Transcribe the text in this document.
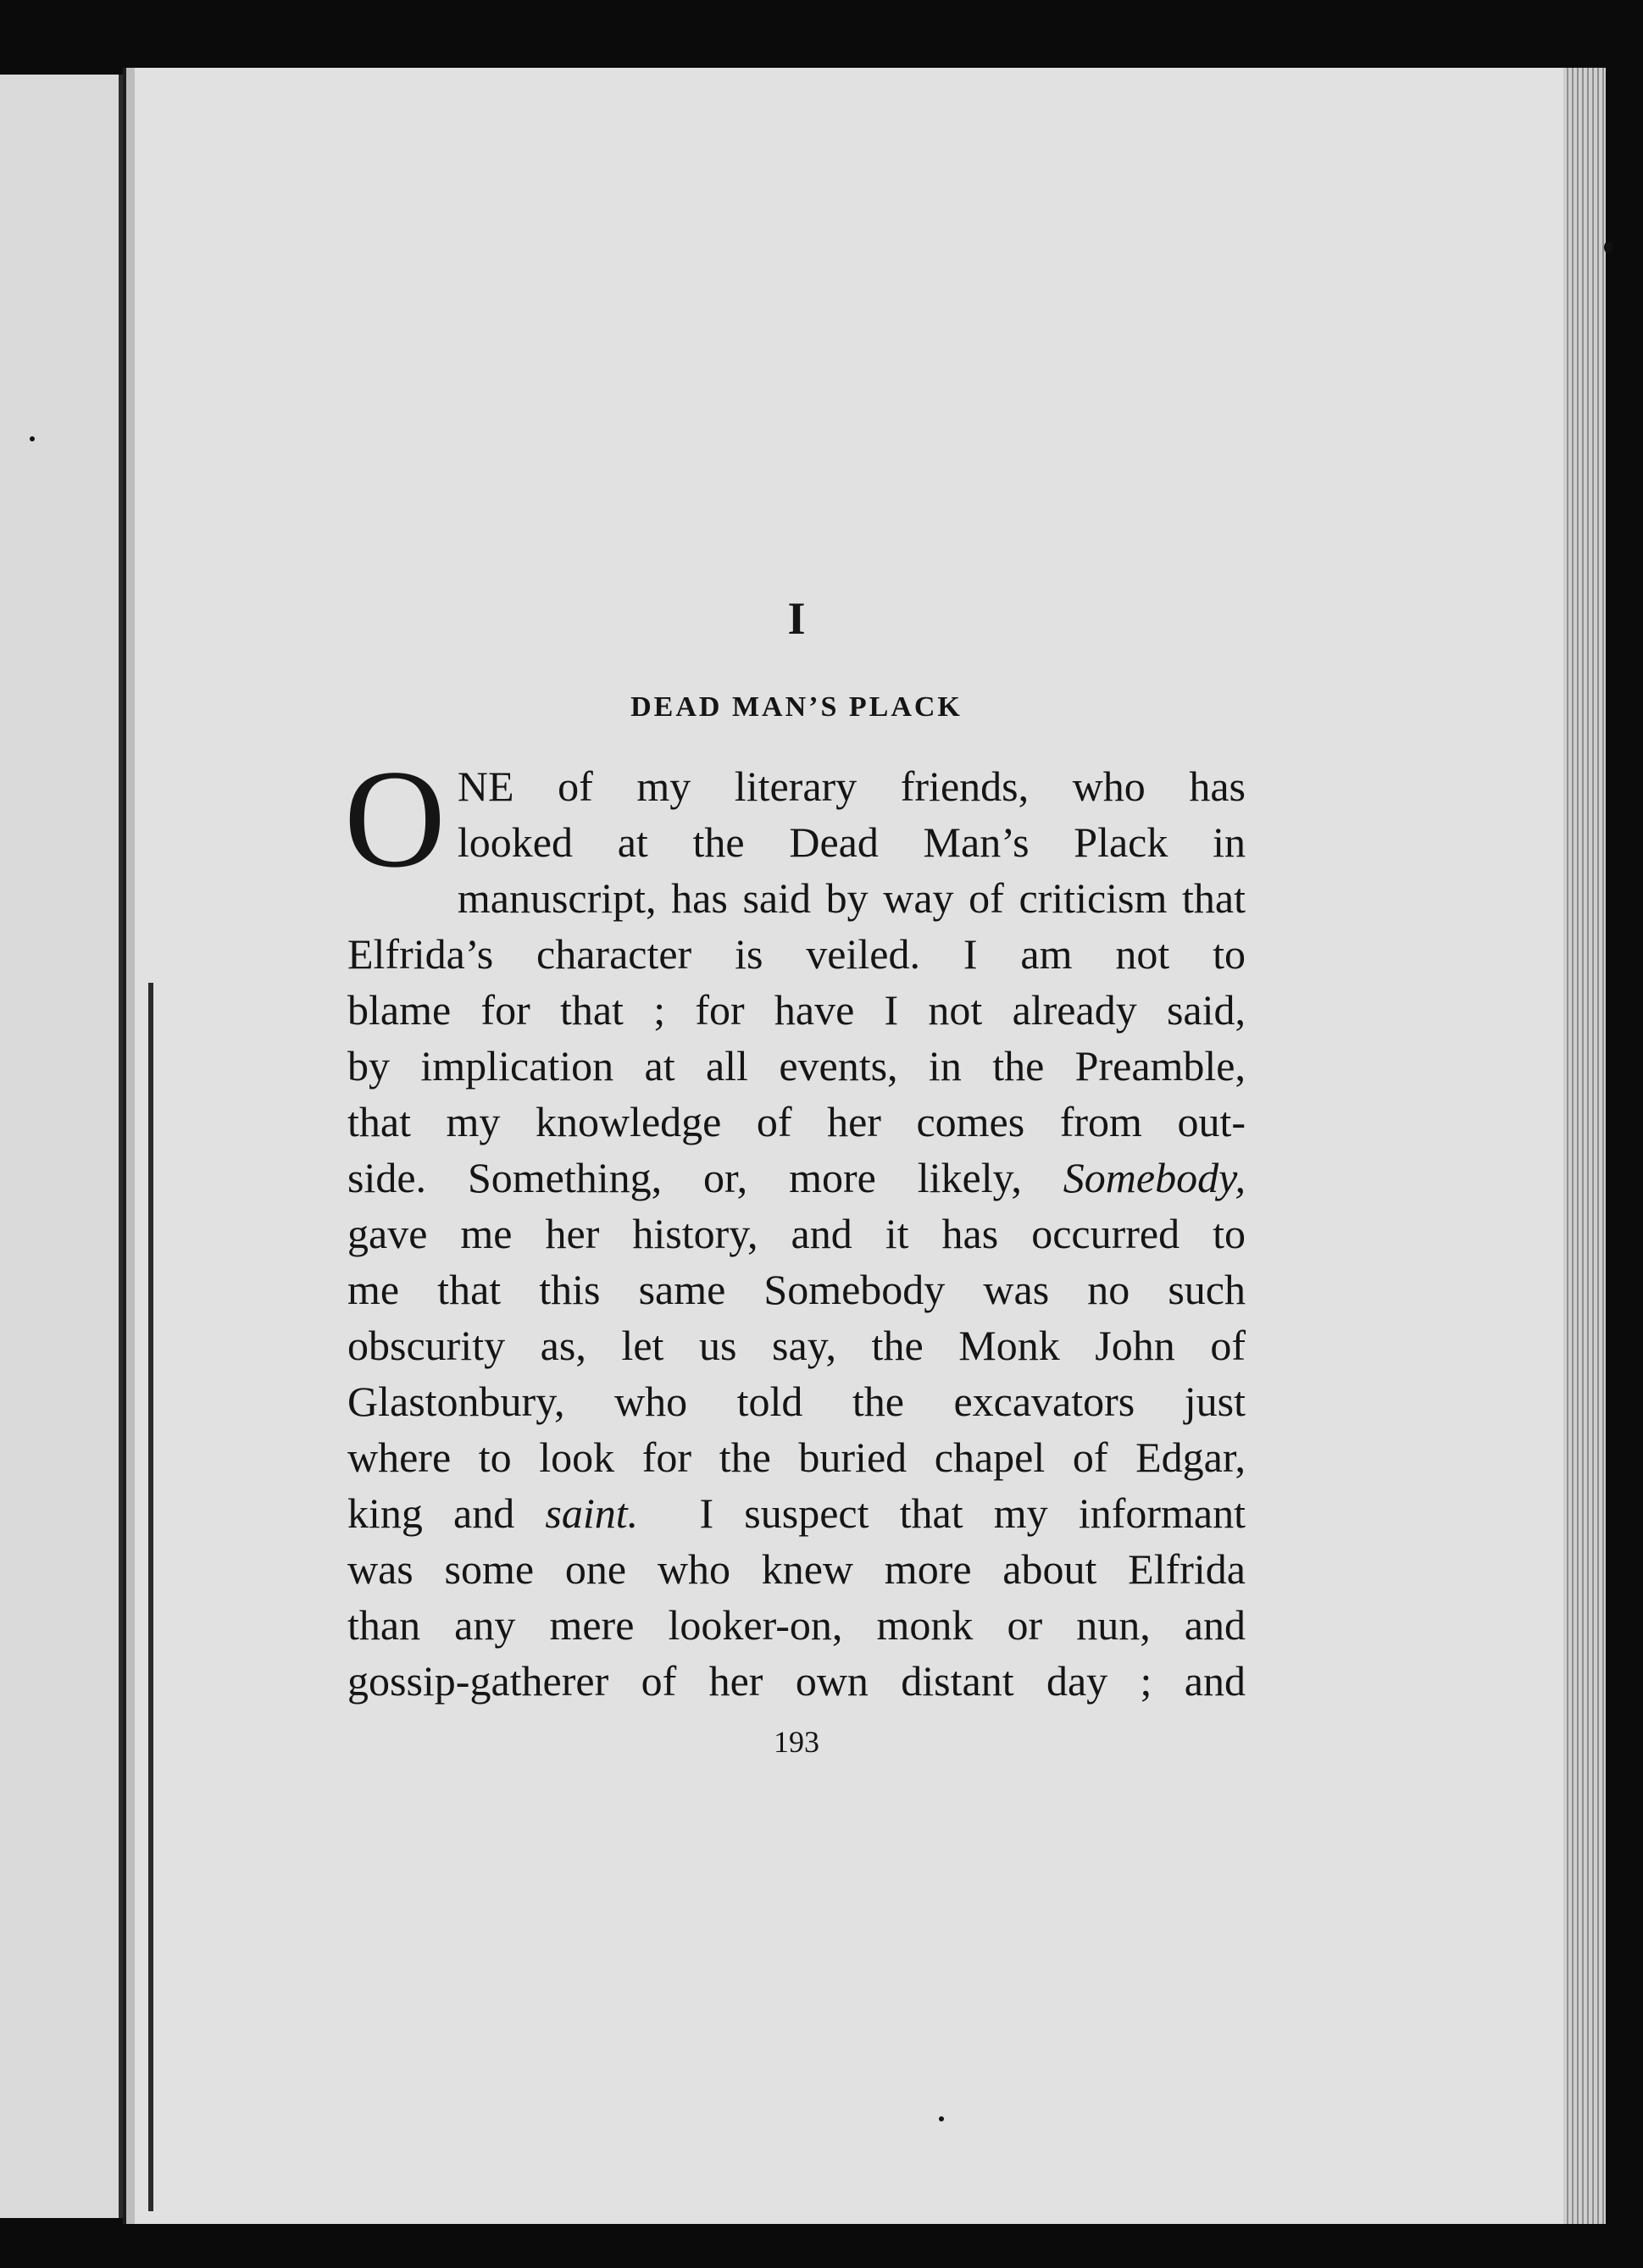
I
DEAD MAN’S PLACK
O NE of my literary friends, who has
looked at the Dead Man’s Plack in
manuscript, has said by way of criticism that
Elfrida’s character is veiled. I am not to
blame for that ; for have I not already said,
by implication at all events, in the Preamble,
that my knowledge of her comes from out-
side. Something, or, more likely, Somebody,
gave me her history, and it has occurred to
me that this same Somebody was no such
obscurity as, let us say, the Monk John of
Glastonbury, who told the excavators just
where to look for the buried chapel of Edgar,
king and saint. I suspect that my informant
was some one who knew more about Elfrida
than any mere looker-on, monk or nun, and
gossip-gatherer of her own distant day ; and
193
